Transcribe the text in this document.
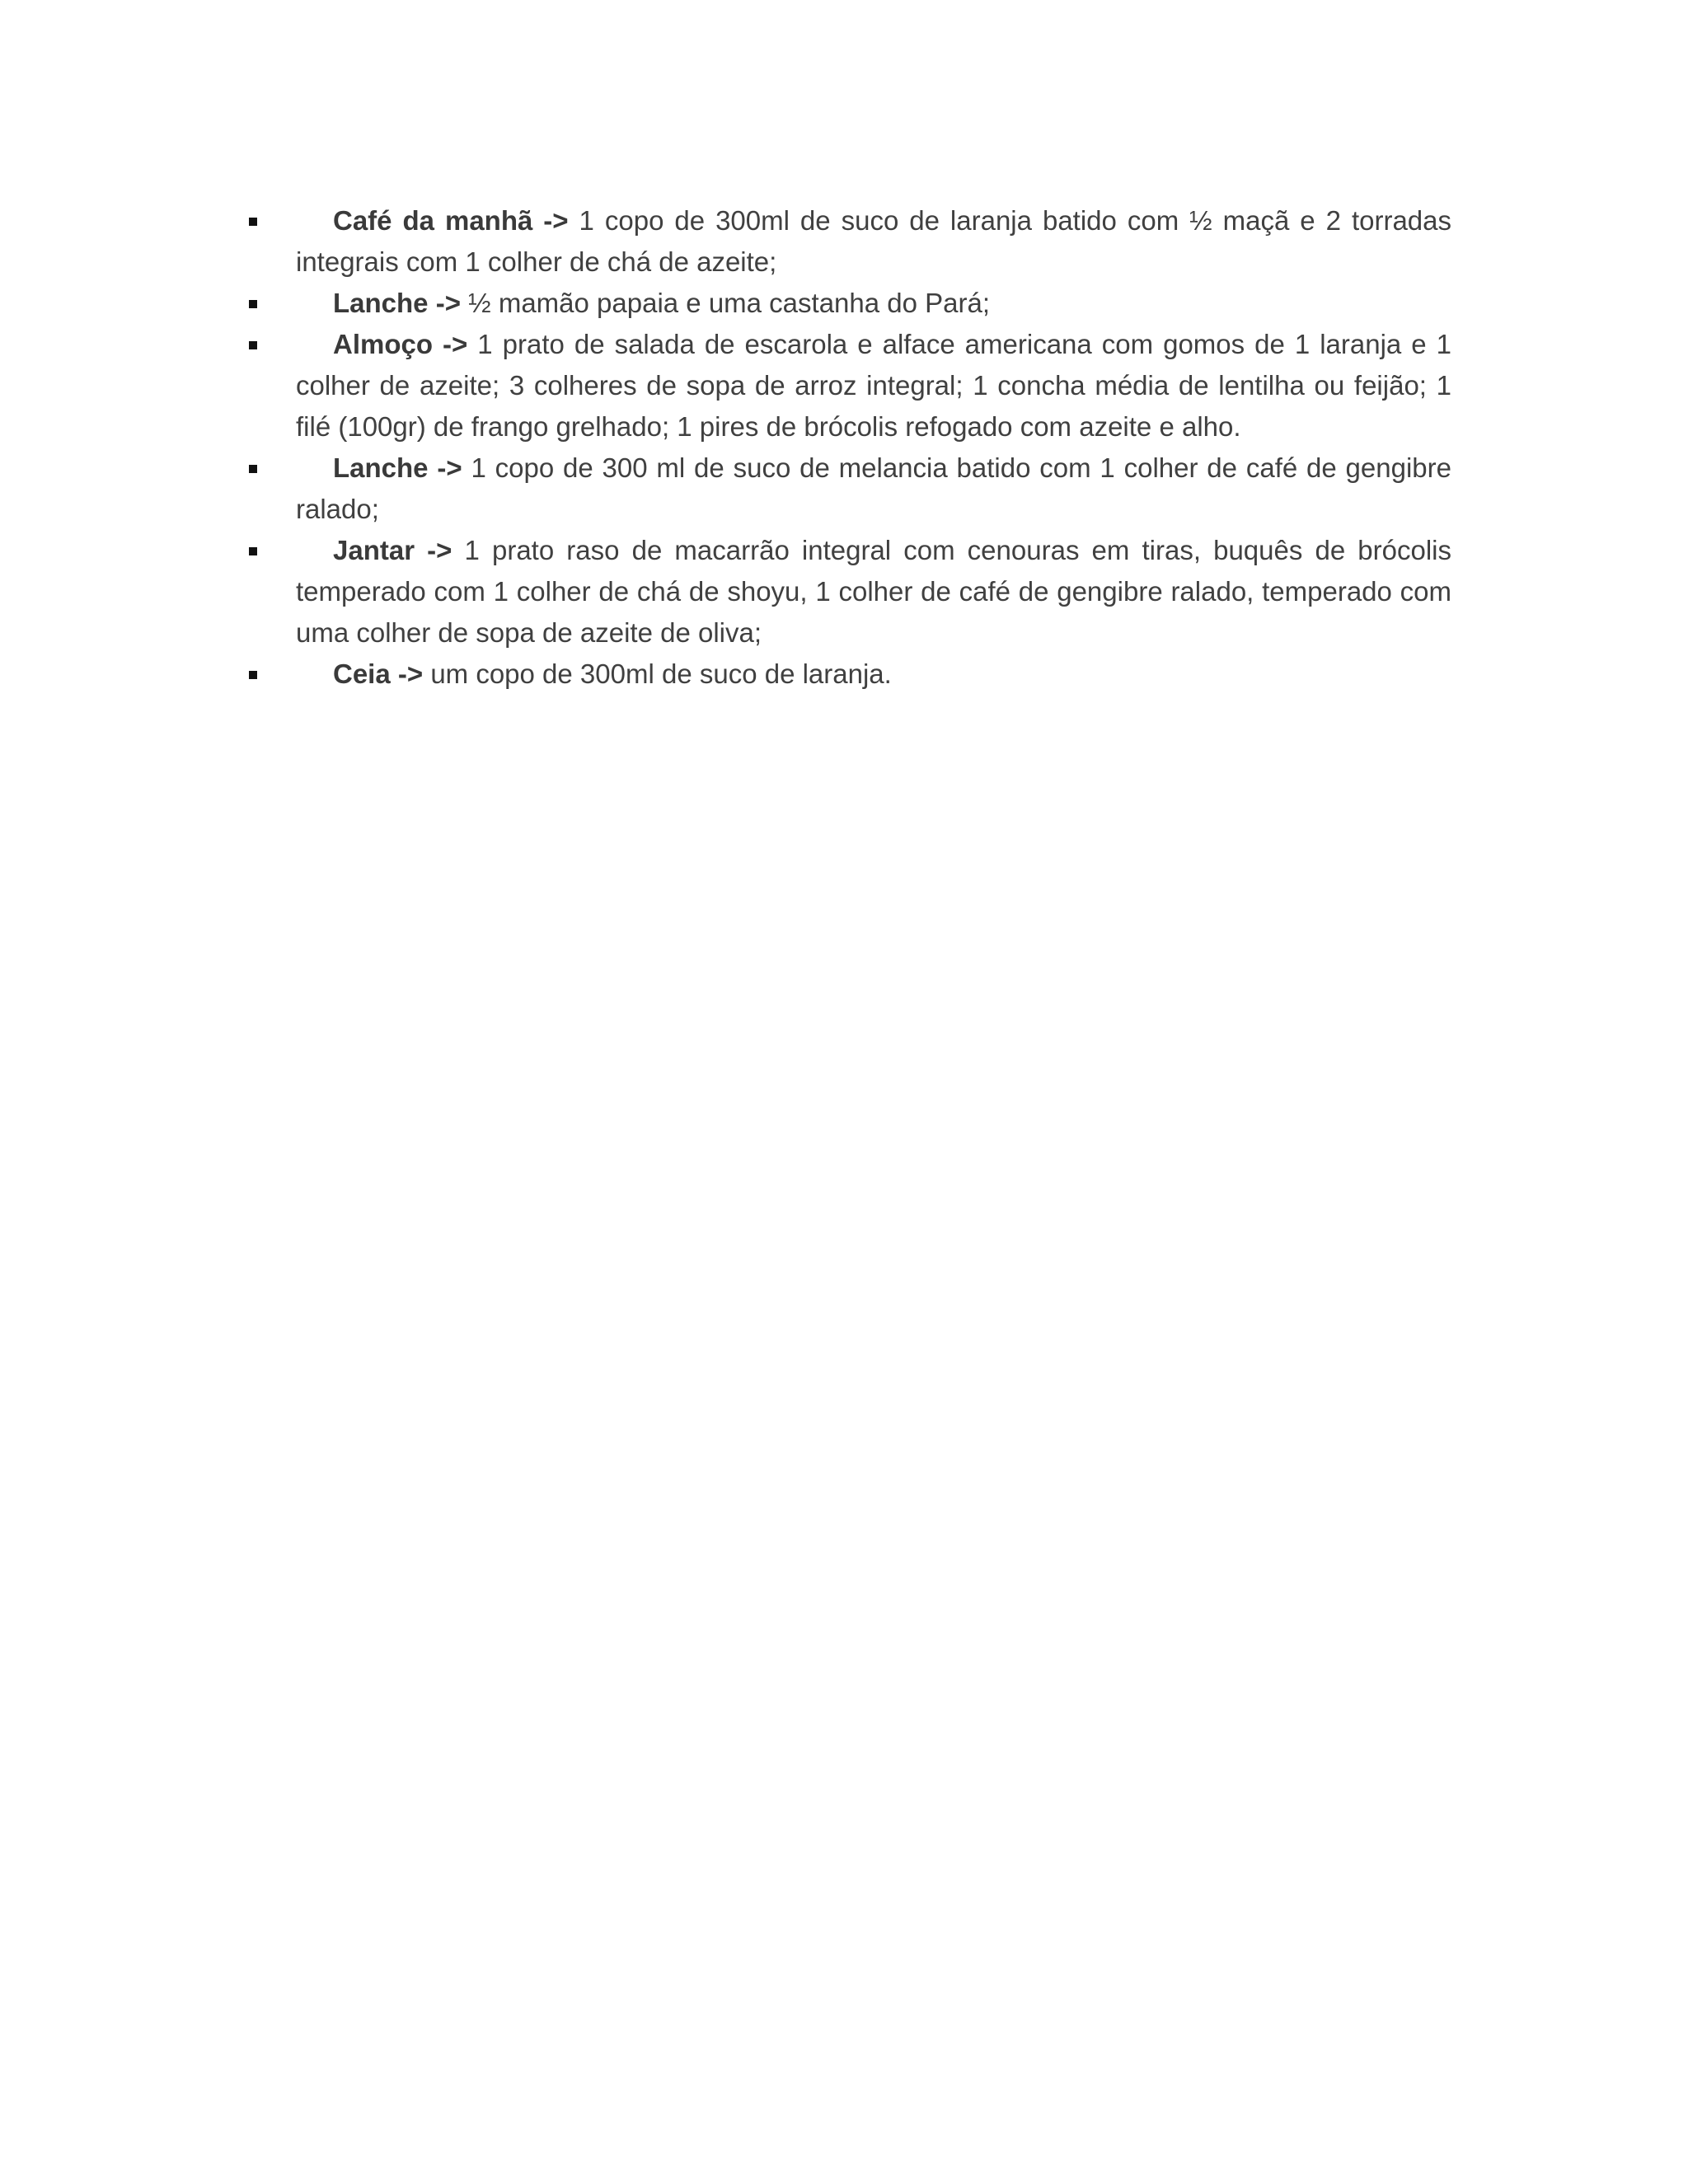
Café da manhã -> 1 copo de 300ml de suco de laranja batido com ½ maçã e 2 torradas integrais com 1 colher de chá de azeite;
Lanche -> ½ mamão papaia e uma castanha do Pará;
Almoço -> 1 prato de salada de escarola e alface americana com gomos de 1 laranja e 1 colher de azeite; 3 colheres de sopa de arroz integral; 1 concha média de lentilha ou feijão; 1 filé (100gr) de frango grelhado; 1 pires de brócolis refogado com azeite e alho.
Lanche -> 1 copo de 300 ml de suco de melancia batido com 1 colher de café de gengibre ralado;
Jantar -> 1 prato raso de macarrão integral com cenouras em tiras, buquês de brócolis temperado com 1 colher de chá de shoyu, 1 colher de café de gengibre ralado, temperado com uma colher de sopa de azeite de oliva;
Ceia -> um copo de 300ml de suco de laranja.
